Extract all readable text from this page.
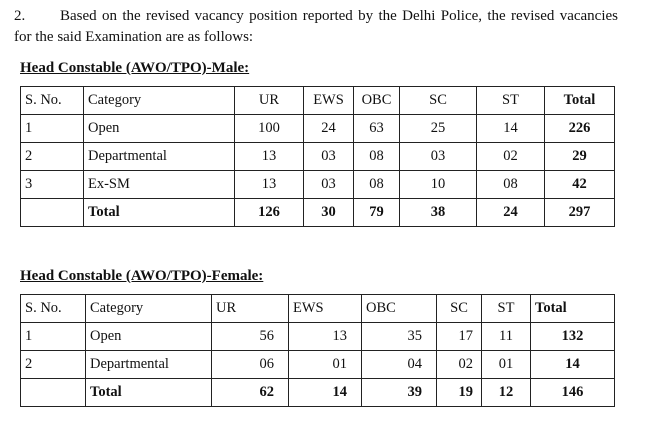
2. Based on the revised vacancy position reported by the Delhi Police, the revised vacancies for the said Examination are as follows:
Head Constable (AWO/TPO)-Male:
S. No.	Category	UR	EWS	OBC	SC	ST	Total
1	Open	100	24	63	25	14	226
2	Departmental	13	03	08	03	02	29
3	Ex-SM	13	03	08	10	08	42
	Total	126	30	79	38	24	297
Head Constable (AWO/TPO)-Female:
S. No.	Category	UR	EWS	OBC	SC	ST	Total
1	Open	56	13	35	17	11	132
2	Departmental	06	01	04	02	01	14
	Total	62	14	39	19	12	146
